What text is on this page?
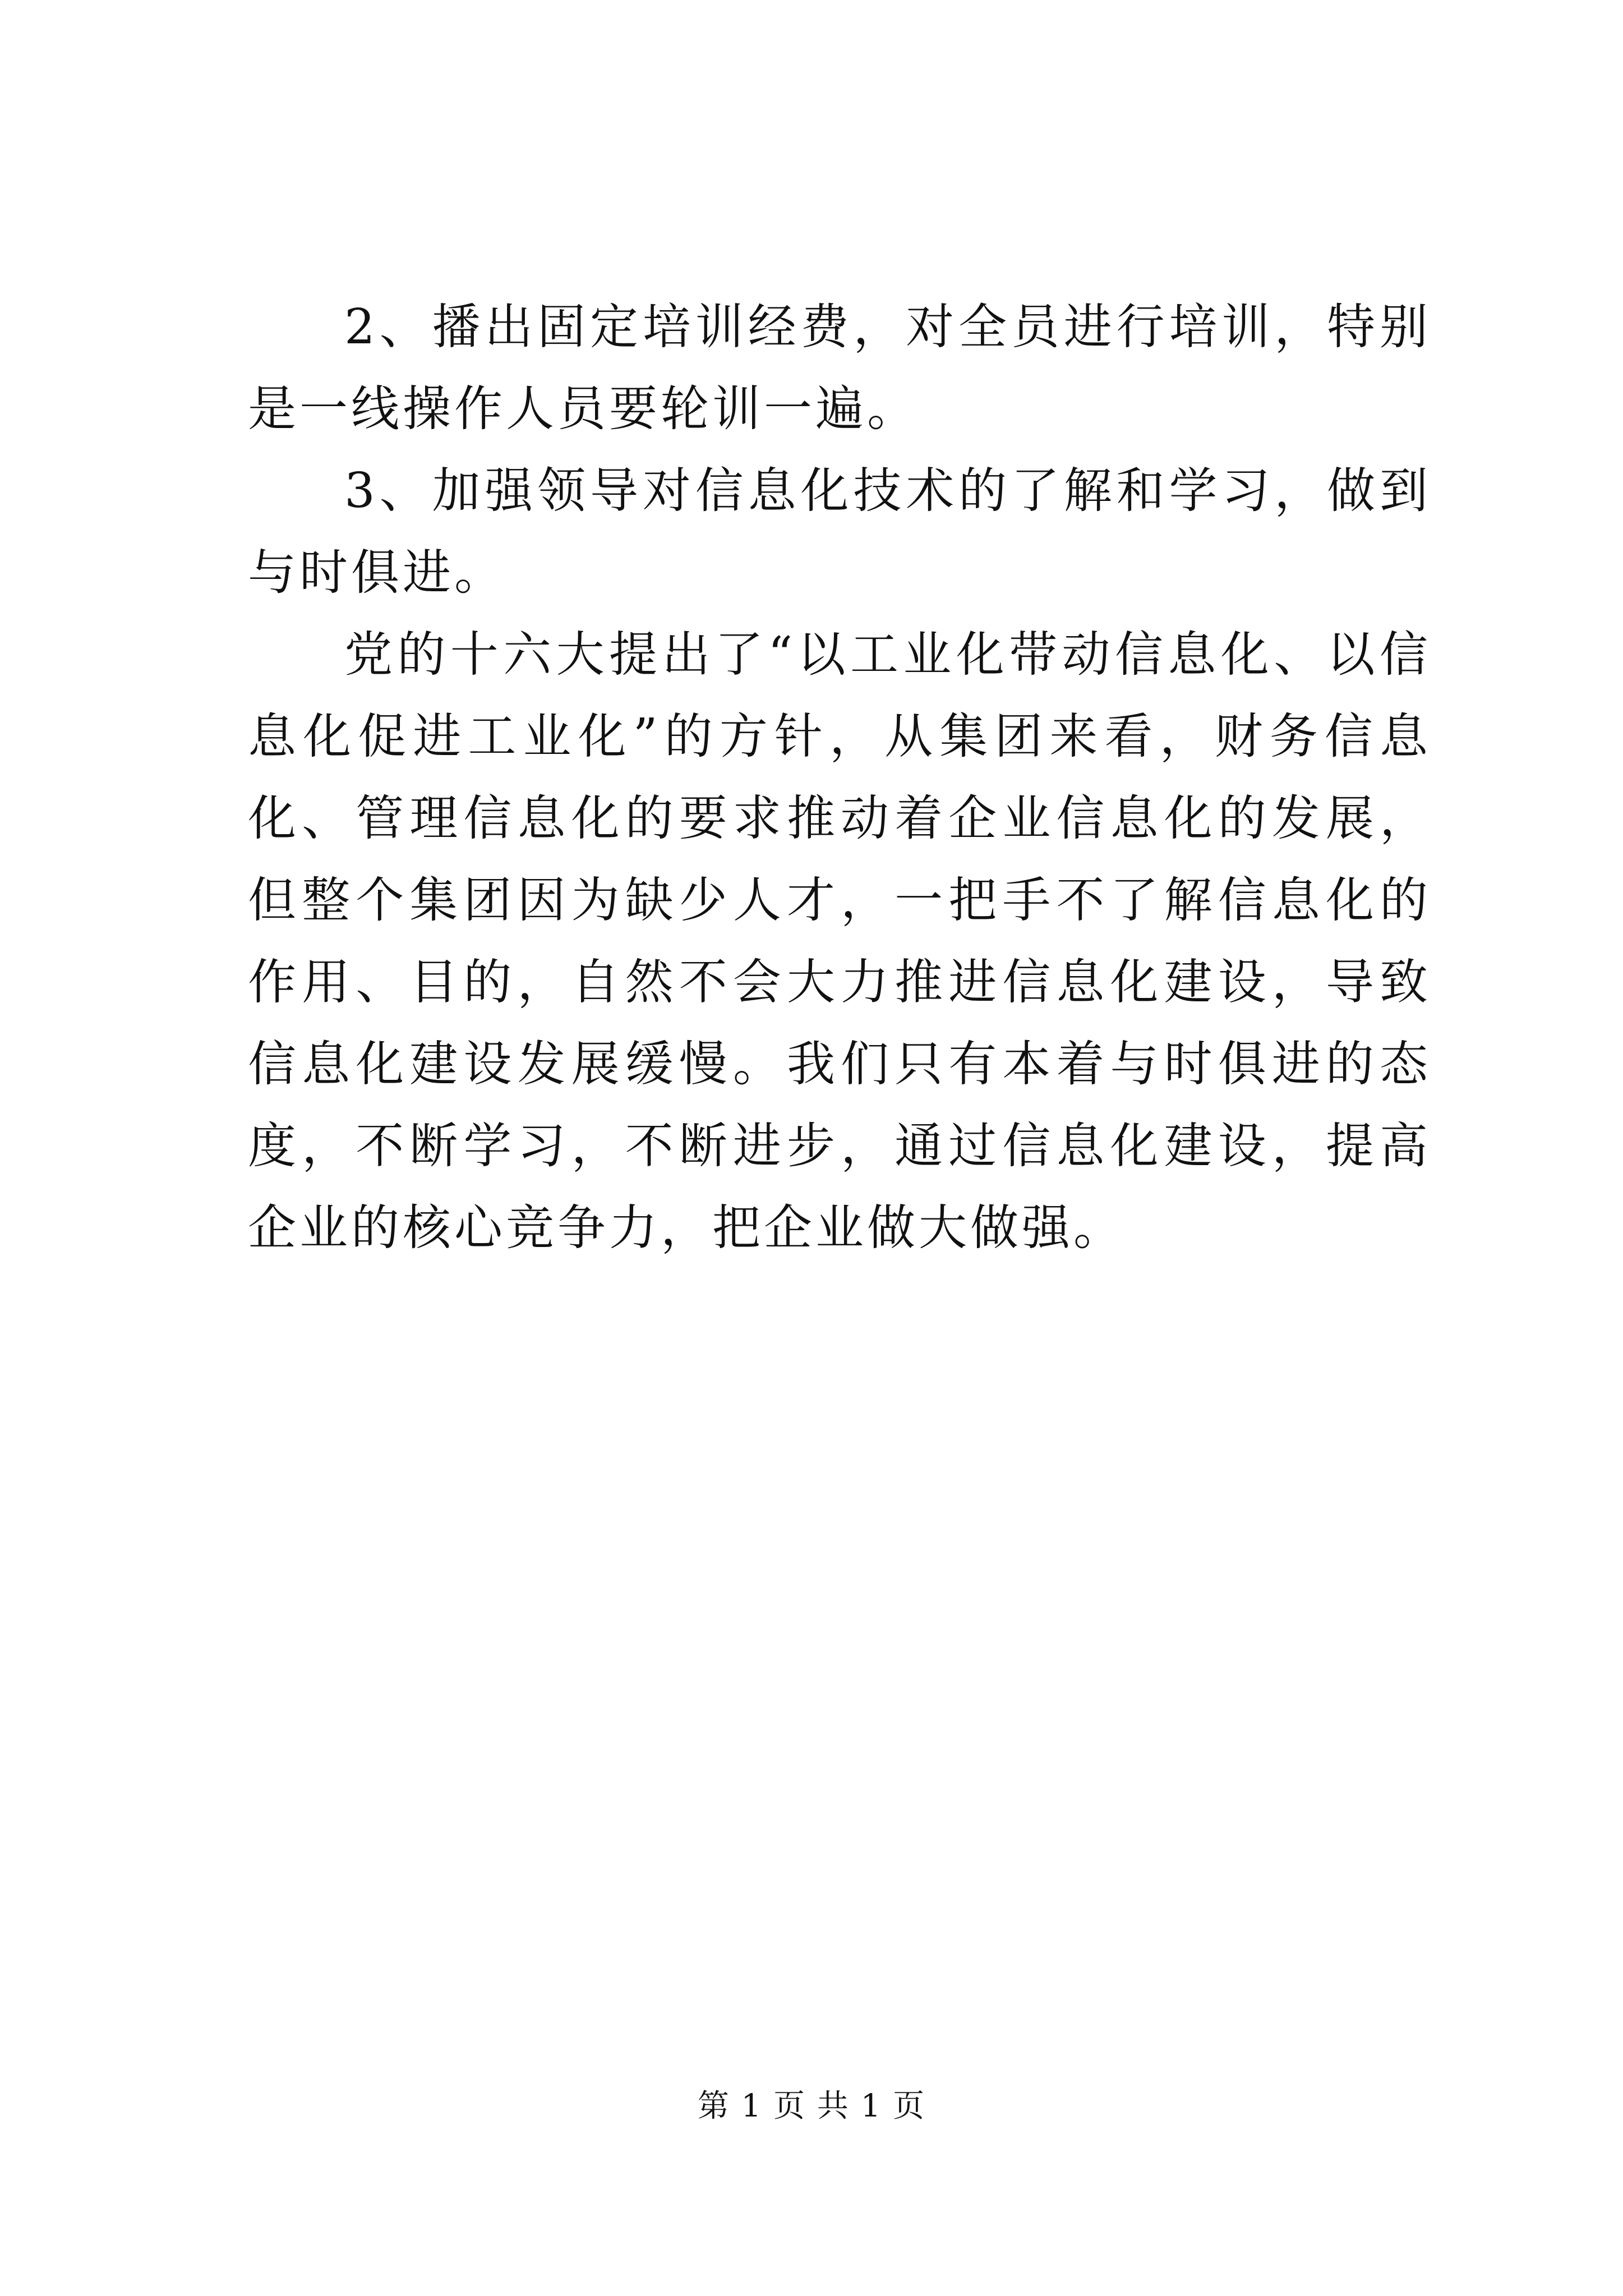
2、播出固定培训经费，对全员进行培训，特别是一线操作人员要轮训一遍。

3、加强领导对信息化技术的了解和学习，做到与时俱进。

党的十六大提出了“以工业化带动信息化、以信息化促进工业化”的方针，从集团来看，财务信息化、管理信息化的要求推动着企业信息化的发展，但整个集团因为缺少人才，一把手不了解信息化的作用、目的，自然不会大力推进信息化建设，导致信息化建设发展缓慢。我们只有本着与时俱进的态度，不断学习，不断进步，通过信息化建设，提高企业的核心竞争力，把企业做大做强。

第 1 页 共 1 页
